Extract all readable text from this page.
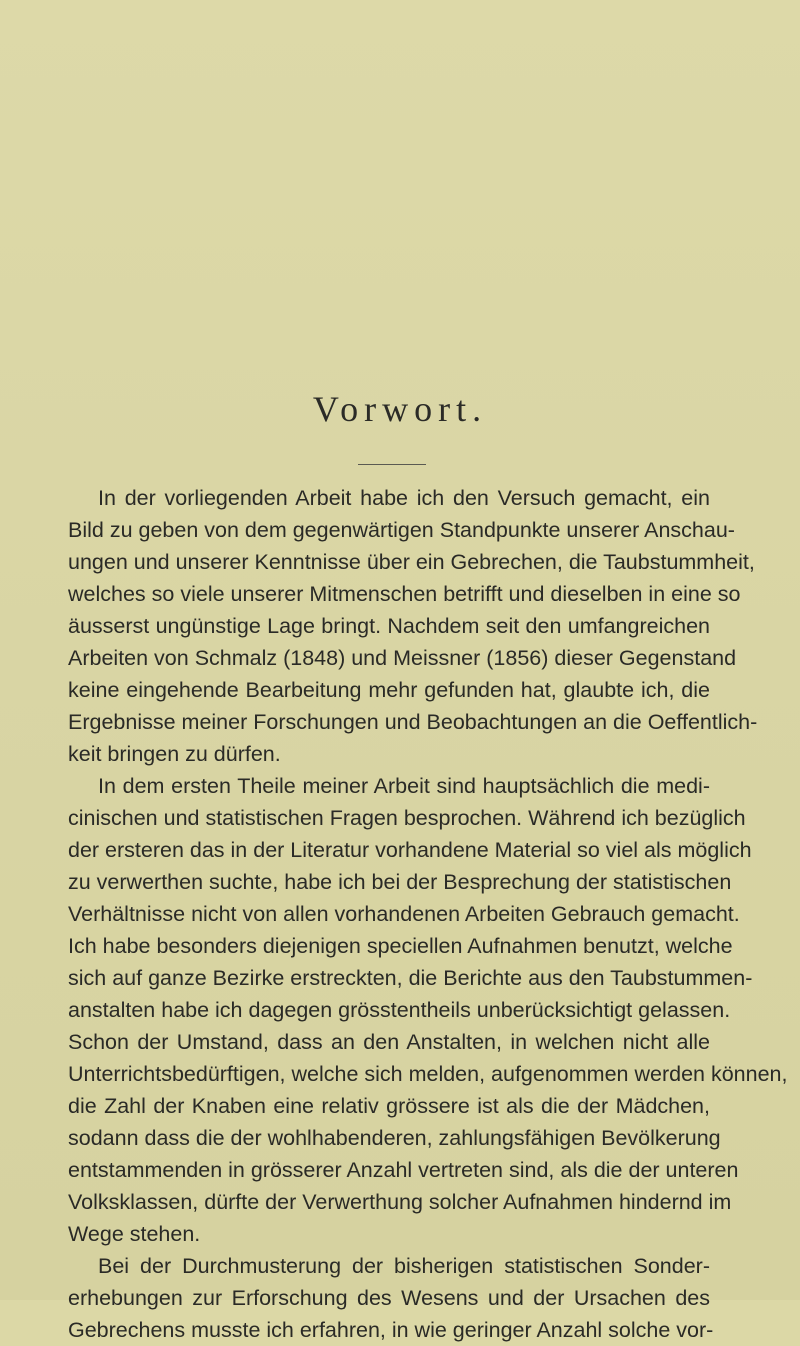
Vorwort.
In der vorliegenden Arbeit habe ich den Versuch gemacht, ein
Bild zu geben von dem gegenwärtigen Standpunkte unserer Anschau-
ungen und unserer Kenntnisse über ein Gebrechen, die Taubstummheit,
welches so viele unserer Mitmenschen betrifft und dieselben in eine so
äusserst ungünstige Lage bringt. Nachdem seit den umfangreichen
Arbeiten von Schmalz (1848) und Meissner (1856) dieser Gegenstand
keine eingehende Bearbeitung mehr gefunden hat, glaubte ich, die
Ergebnisse meiner Forschungen und Beobachtungen an die Oeffentlich-
keit bringen zu dürfen.
In dem ersten Theile meiner Arbeit sind hauptsächlich die medi-
cinischen und statistischen Fragen besprochen. Während ich bezüglich
der ersteren das in der Literatur vorhandene Material so viel als möglich
zu verwerthen suchte, habe ich bei der Besprechung der statistischen
Verhältnisse nicht von allen vorhandenen Arbeiten Gebrauch gemacht.
Ich habe besonders diejenigen speciellen Aufnahmen benutzt, welche
sich auf ganze Bezirke erstreckten, die Berichte aus den Taubstummen-
anstalten habe ich dagegen grösstentheils unberücksichtigt gelassen.
Schon der Umstand, dass an den Anstalten, in welchen nicht alle
Unterrichtsbedürftigen, welche sich melden, aufgenommen werden können,
die Zahl der Knaben eine relativ grössere ist als die der Mädchen,
sodann dass die der wohlhabenderen, zahlungsfähigen Bevölkerung
entstammenden in grösserer Anzahl vertreten sind, als die der unteren
Volksklassen, dürfte der Verwerthung solcher Aufnahmen hindernd im
Wege stehen.
Bei der Durchmusterung der bisherigen statistischen Sonder-
erhebungen zur Erforschung des Wesens und der Ursachen des
Gebrechens musste ich erfahren, in wie geringer Anzahl solche vor-
